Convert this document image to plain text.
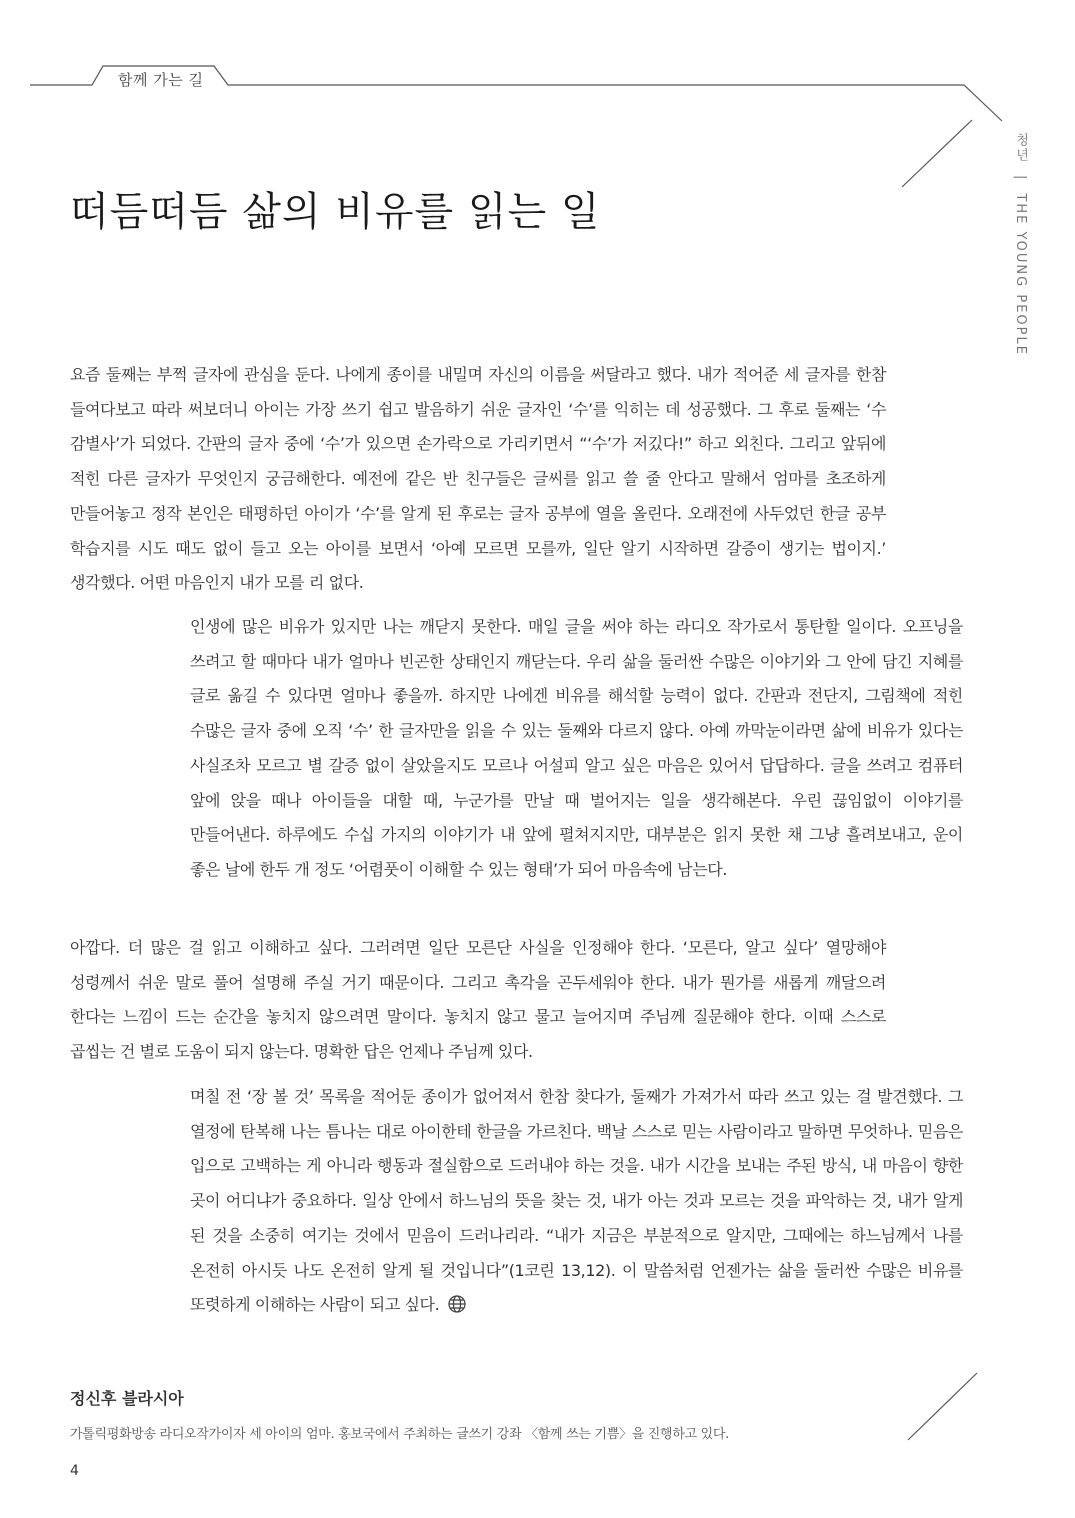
함께 가는 길
청년|THE YOUNG PEOPLE
떠듬떠듬 삶의 비유를 읽는 일

요즘 둘째는 부쩍 글자에 관심을 둔다. 나에게 종이를 내밀며 자신의 이름을 써달라고 했다. 내가 적어준 세 글자를 한참 들여다보고 따라 써보더니 아이는 가장 쓰기 쉽고 발음하기 쉬운 글자인 ‘수’를 익히는 데 성공했다. 그 후로 둘째는 ‘수 감별사’가 되었다. 간판의 글자 중에 ‘수’가 있으면 손가락으로 가리키면서 “‘수’가 저깄다!” 하고 외친다. 그리고 앞뒤에 적힌 다른 글자가 무엇인지 궁금해한다. 예전에 같은 반 친구들은 글씨를 읽고 쓸 줄 안다고 말해서 엄마를 초조하게 만들어놓고 정작 본인은 태평하던 아이가 ‘수’를 알게 된 후로는 글자 공부에 열을 올린다. 오래전에 사두었던 한글 공부 학습지를 시도 때도 없이 들고 오는 아이를 보면서 ‘아예 모르면 모를까, 일단 알기 시작하면 갈증이 생기는 법이지.’ 생각했다. 어떤 마음인지 내가 모를 리 없다.

인생에 많은 비유가 있지만 나는 깨닫지 못한다. 매일 글을 써야 하는 라디오 작가로서 통탄할 일이다. 오프닝을 쓰려고 할 때마다 내가 얼마나 빈곤한 상태인지 깨닫는다. 우리 삶을 둘러싼 수많은 이야기와 그 안에 담긴 지혜를 글로 옮길 수 있다면 얼마나 좋을까. 하지만 나에겐 비유를 해석할 능력이 없다. 간판과 전단지, 그림책에 적힌 수많은 글자 중에 오직 ‘수’ 한 글자만을 읽을 수 있는 둘째와 다르지 않다. 아예 까막눈이라면 삶에 비유가 있다는 사실조차 모르고 별 갈증 없이 살았을지도 모르나 어설피 알고 싶은 마음은 있어서 답답하다. 글을 쓰려고 컴퓨터 앞에 앉을 때나 아이들을 대할 때, 누군가를 만날 때 벌어지는 일을 생각해본다. 우린 끊임없이 이야기를 만들어낸다. 하루에도 수십 가지의 이야기가 내 앞에 펼쳐지지만, 대부분은 읽지 못한 채 그냥 흘려보내고, 운이 좋은 날에 한두 개 정도 ‘어렴풋이 이해할 수 있는 형태’가 되어 마음속에 남는다.

아깝다. 더 많은 걸 읽고 이해하고 싶다. 그러려면 일단 모른단 사실을 인정해야 한다. ‘모른다, 알고 싶다’ 열망해야 성령께서 쉬운 말로 풀어 설명해 주실 거기 때문이다. 그리고 촉각을 곤두세워야 한다. 내가 뭔가를 새롭게 깨달으려 한다는 느낌이 드는 순간을 놓치지 않으려면 말이다. 놓치지 않고 물고 늘어지며 주님께 질문해야 한다. 이때 스스로 곱씹는 건 별로 도움이 되지 않는다. 명확한 답은 언제나 주님께 있다.

며칠 전 ‘장 볼 것’ 목록을 적어둔 종이가 없어져서 한참 찾다가, 둘째가 가져가서 따라 쓰고 있는 걸 발견했다. 그 열정에 탄복해 나는 틈나는 대로 아이한테 한글을 가르친다. 백날 스스로 믿는 사람이라고 말하면 무엇하나. 믿음은 입으로 고백하는 게 아니라 행동과 절실함으로 드러내야 하는 것을. 내가 시간을 보내는 주된 방식, 내 마음이 향한 곳이 어디냐가 중요하다. 일상 안에서 하느님의 뜻을 찾는 것, 내가 아는 것과 모르는 것을 파악하는 것, 내가 알게 된 것을 소중히 여기는 것에서 믿음이 드러나리라. “내가 지금은 부분적으로 알지만, 그때에는 하느님께서 나를 온전히 아시듯 나도 온전히 알게 될 것입니다”(1코린 13,12). 이 말씀처럼 언젠가는 삶을 둘러싼 수많은 비유를 또렷하게 이해하는 사람이 되고 싶다.

정신후 블라시아

가톨릭평화방송 라디오작가이자 세 아이의 엄마. 홍보국에서 주최하는 글쓰기 강좌 〈함께 쓰는 기쁨〉을 진행하고 있다.

4
